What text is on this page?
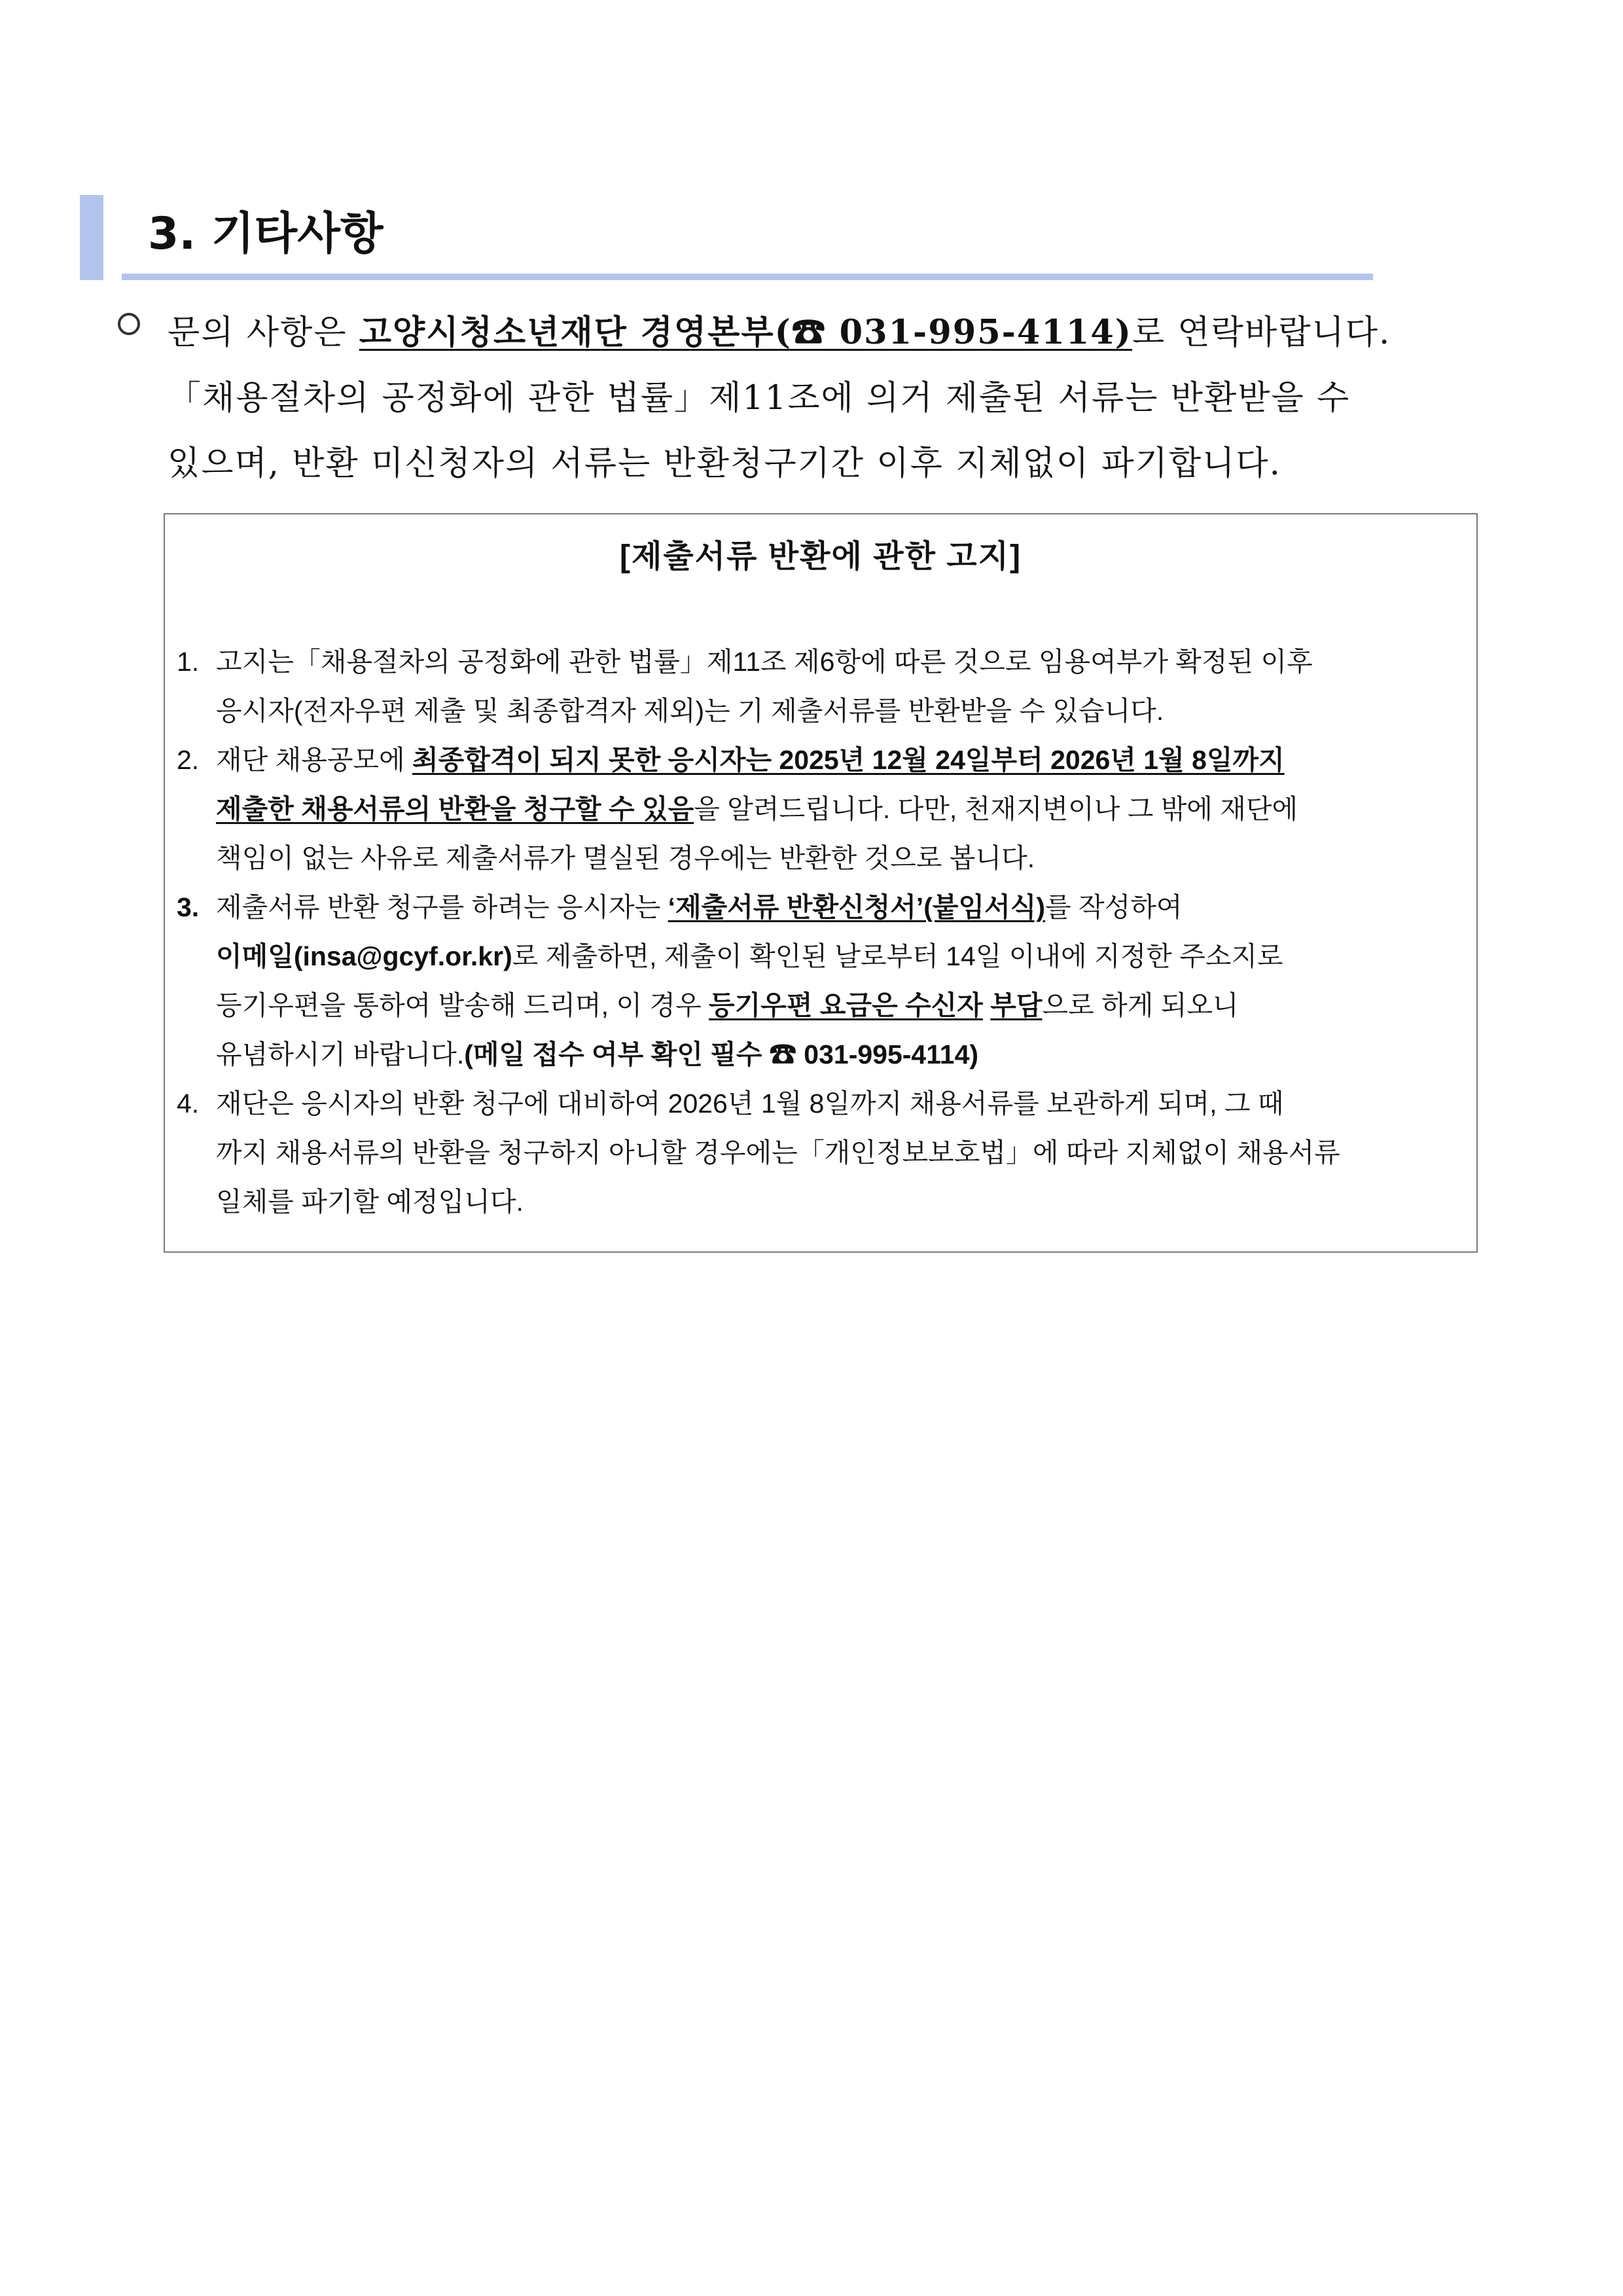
3. 기타사항
문의 사항은 고양시청소년재단 경영본부(☎ 031-995-4114)로 연락바랍니다.
「채용절차의 공정화에 관한 법률」제11조에 의거 제출된 서류는 반환받을 수
있으며, 반환 미신청자의 서류는 반환청구기간 이후 지체없이 파기합니다.
[제출서류 반환에 관한 고지]
1. 고지는「채용절차의 공정화에 관한 법률」제11조 제6항에 따른 것으로 임용여부가 확정된 이후
응시자(전자우편 제출 및 최종합격자 제외)는 기 제출서류를 반환받을 수 있습니다.
2. 재단 채용공모에 최종합격이 되지 못한 응시자는 2025년 12월 24일부터 2026년 1월 8일까지
제출한 채용서류의 반환을 청구할 수 있음을 알려드립니다. 다만, 천재지변이나 그 밖에 재단에
책임이 없는 사유로 제출서류가 멸실된 경우에는 반환한 것으로 봅니다.
3. 제출서류 반환 청구를 하려는 응시자는 ‘제출서류 반환신청서’(붙임서식)를 작성하여
이메일(insa@gcyf.or.kr)로 제출하면, 제출이 확인된 날로부터 14일 이내에 지정한 주소지로
등기우편을 통하여 발송해 드리며, 이 경우 등기우편 요금은 수신자 부담으로 하게 되오니
유념하시기 바랍니다.(메일 접수 여부 확인 필수 ☎ 031-995-4114)
4. 재단은 응시자의 반환 청구에 대비하여 2026년 1월 8일까지 채용서류를 보관하게 되며, 그 때
까지 채용서류의 반환을 청구하지 아니할 경우에는「개인정보보호법」에 따라 지체없이 채용서류
일체를 파기할 예정입니다.
